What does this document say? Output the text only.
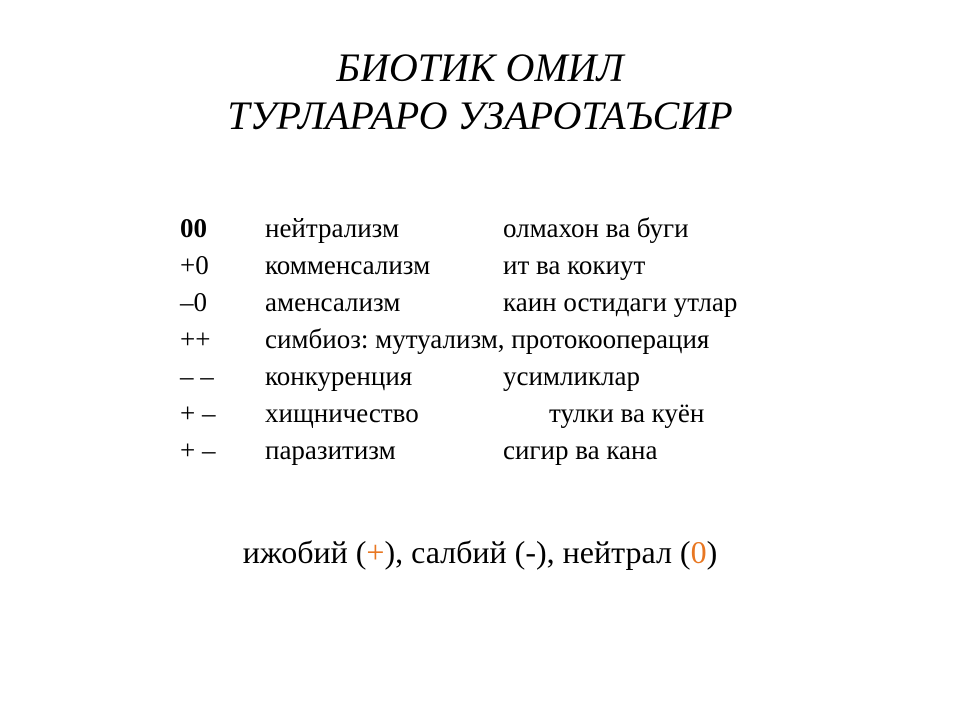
БИОТИК ОМИЛ
ТУРЛАРАРО УЗАРОТАЪСИР
00 нейтрализм	олмахон ва буги
+0 комменсализм	ит ва кокиут
–0 аменсализм	каин остидаги утлар
++ симбиоз: мутуализм, протокооперация
– – конкуренция	усимликлар
+ – хищничество	тулки ва куён
+ – паразитизм	сигир ва кана
ижобий (+), салбий (-), нейтрал (0)
